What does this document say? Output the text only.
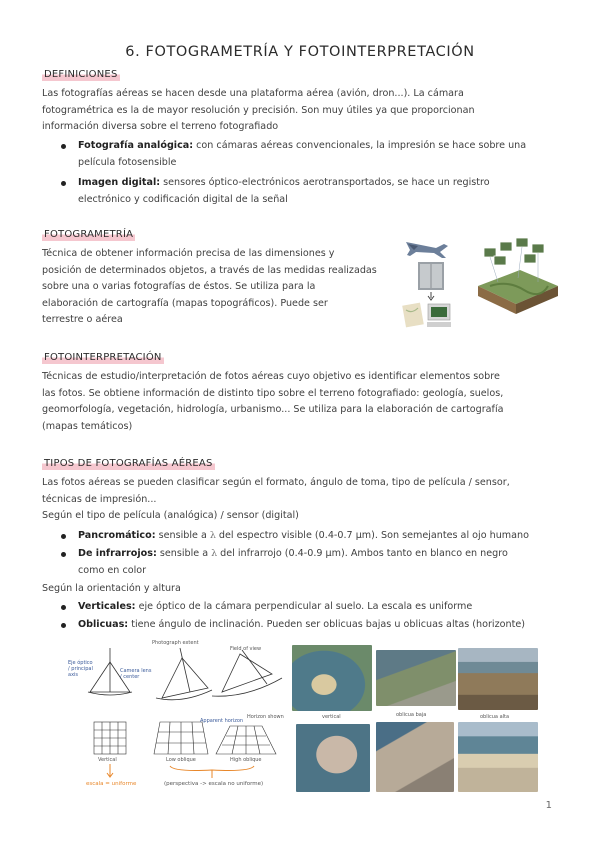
6. FOTOGRAMETRÍA Y FOTOINTERPRETACIÓN
DEFINICIONES
Las fotografías aéreas se hacen desde una plataforma aérea (avión, dron...). La cámara
fotogramétrica es la de mayor resolución y precisión. Son muy útiles ya que proporcionan
información diversa sobre el terreno fotografiado
Fotografía analógica: con cámaras aéreas convencionales, la impresión se hace sobre una
película fotosensible
Imagen digital: sensores óptico-electrónicos aerotransportados, se hace un registro
electrónico y codificación digital de la señal
FOTOGRAMETRÍA
Técnica de obtener información precisa de las dimensiones y
posición de determinados objetos, a través de las medidas realizadas
sobre una o varias fotografías de éstos. Se utiliza para la
elaboración de cartografía (mapas topográficos). Puede ser
terrestre o aérea
FOTOINTERPRETACIÓN
Técnicas de estudio/interpretación de fotos aéreas cuyo objetivo es identificar elementos sobre
las fotos. Se obtiene información de distinto tipo sobre el terreno fotografiado: geología, suelos,
geomorfología, vegetación, hidrología, urbanismo... Se utiliza para la elaboración de cartografía
(mapas temáticos)
TIPOS DE FOTOGRAFÍAS AÉREAS
Las fotos aéreas se pueden clasificar según el formato, ángulo de toma, tipo de película / sensor,
técnicas de impresión...
Según el tipo de película (analógica) / sensor (digital)
Pancromático: sensible a λ del espectro visible (0.4-0.7 μm). Son semejantes al ojo humano
De infrarrojos: sensible a λ del infrarrojo (0.4-0.9 μm). Ambos tanto en blanco en negro
como en color
Según la orientación y altura
Verticales: eje óptico de la cámara perpendicular al suelo. La escala es uniforme
Oblicuas: tiene ángulo de inclinación. Pueden ser oblicuas bajas u oblicuas altas (horizonte)
Eje óptico / principal axis
Camera lens / center
Photograph extent
Field of view
Horizon shown
Apparent horizon
Vertical	Low oblique	High oblique
escala = uniforme	(perspectiva -> escala no uniforme)
vertical	oblicua baja	oblicua alta
1
